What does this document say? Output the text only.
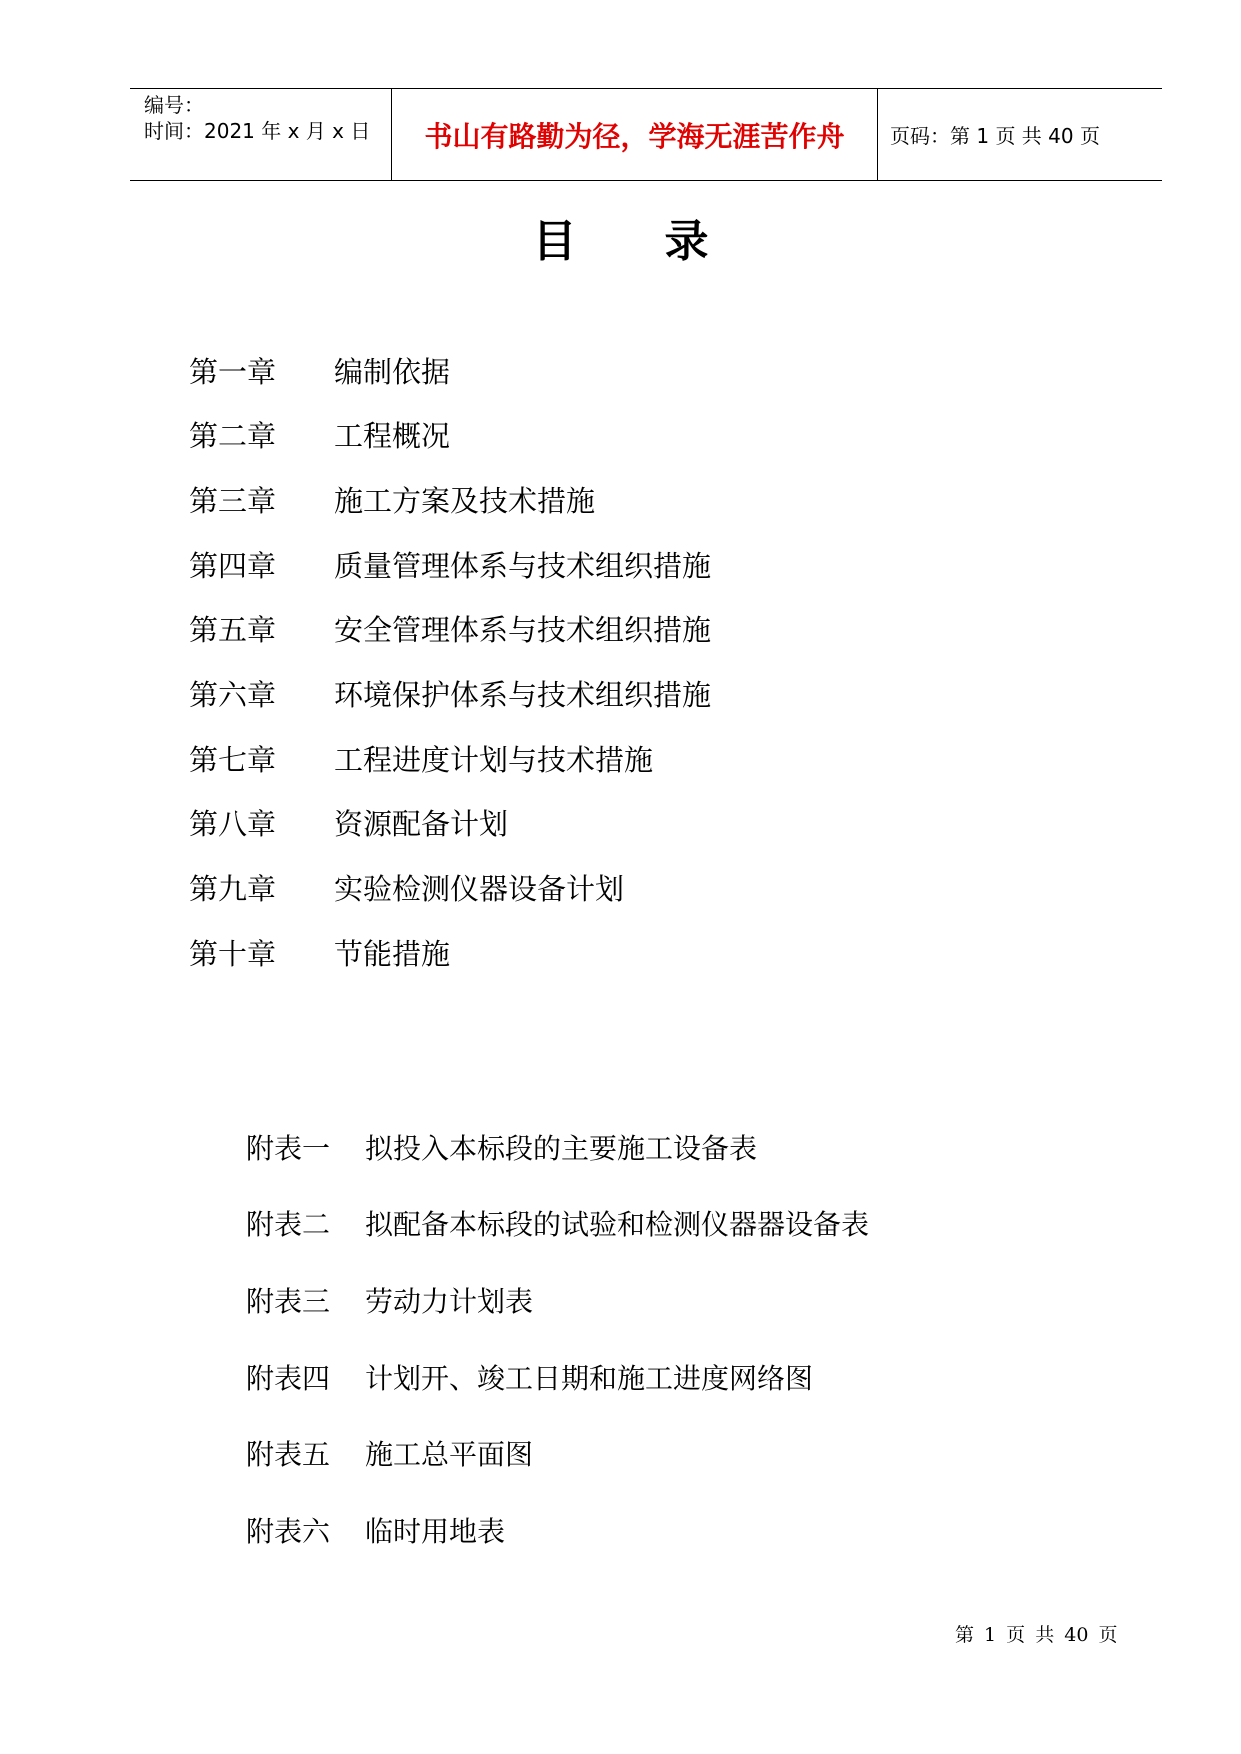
编号：
时间：2021 年 x 月 x 日 书山有路勤为径，学海无涯苦作舟 页码：第 1 页 共 40 页
目　　录
第一章	编制依据
第二章	工程概况
第三章	施工方案及技术措施
第四章	质量管理体系与技术组织措施
第五章	安全管理体系与技术组织措施
第六章	环境保护体系与技术组织措施
第七章	工程进度计划与技术措施
第八章	资源配备计划
第九章	实验检测仪器设备计划
第十章	节能措施
附表一	拟投入本标段的主要施工设备表
附表二	拟配备本标段的试验和检测仪器器设备表
附表三	劳动力计划表
附表四	计划开、竣工日期和施工进度网络图
附表五	施工总平面图
附表六	临时用地表
第 1 页 共 40 页
